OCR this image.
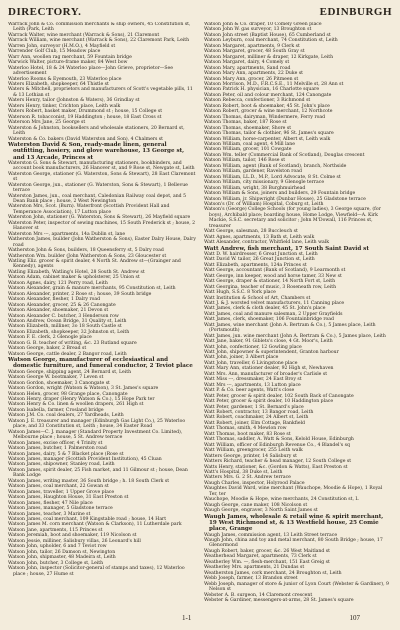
DIRECTORY.	EDINBURGH
Warrack John & Co. commission merchants & ship owners, 45 Constitution st, Leith (Park, Leith
Warrack Walter, wine merchant (Warrack & Sons), 21 Claremont
Warrack William, wine merchant (Warrack & Sons), 22 Claremont Park, Leith
Warren John, surveyor (H.M.O.), 4 Mayfield st
Warrender Golf Club, 15 Meadow place
Warr Ann, woollen rag merchant, 59 Fountain bridge
Warwick Walter, picture-frame maker, 84 West bow
Waterloo Hotel, 18 & 24 Waterloo place—John Grieve, proprietor—See advertisement
Waterloo Rooms & Eyemouth, 23 Waterloo place
Waters Elizabeth, shopkeeper, 64 Thistle st
Waters & Mitchell, proprietors and manufacturers of Scott's vegetable pills, 11 & 13 Lothian st
Waters Henry, tailor (Johnston & Waters), 36 Grindlay st
Waters Henry, tinker, Crichton place, Leith walk
Waters Robert, basket maker, Drummond st ; house, 15 College st
Waterson R. tobacconist, 19 Haddington ; house, 18 East Cross st
Waterson Mrs Jane, 25 George st
Waterston & Johnston, booksellers and wholesale stationers, 20 Bernard st, Leith
Waterston & Co. bakers (David Waterston and Son), 4 Chalmers st
Waterston David & Son, ready-made linen, general outfitting, hosiery, and glove warehouse, 13 George st, and 13 Arcade, Princes st
Waterston G. Sons & Stewart, manufacturing stationers, bookbinders, and account book manufacturers, 26 Hanover st, and 9 Rose st, Newgate st, Leith
Waterston George, stationer (G. Waterston, Sons & Stewart), 28 East Claremont st
Waterston George, jun., stationer (G. Waterston, Sons & Stewart), 1 Bellevue terrace
Waterston James, jun., coal merchant, Caledonian Railway coal depot, and 5 Dean Bank place ; house, 2 West Newington
Waterston Mrs, Scot. (Burn). Waterfront (Scottish Provident Hall and Temperance Association), 17 Lutton place
Waterston John, stationer (G. Waterston, Sons & Stewart), 26 Mayfield square
Waterston Peter, inspector of sewing machines, 15 South Frederick st ; house, 2 Hanover st
Waterston Mrs ---, apartments, 14a Dublin st, lane
Watherston James, builder (John Watherston & Sons), Easter Dalry House, Dalry road
Watherston John & Sons, builders, 18 Queensferry st, 5 Dalry road
Watherston Wm. builder (John Watherston & Sons, 23 Gloucester st
Watling Eliz. grocer & spirit dealer, 4 North St. Andrew st—(Grainger and Kennedy), agents
Watling Elizabeth, Watling's Hotel, 28 South St. Andrew st
Watson Adam, cabinet maker & upholsterer, 25 Union st
Watson Agnes, dairy, 121 Perry road, Leith
Watson Alexander, grain & manure merchants, 95 Constitution st, Leith
Watson Alexander, printer, 2 Rose st ; house, 39 South bridge
Watson Alexander, flesher, 1 Dalry road
Watson Alexander, grocer, 25 & 26 Canongate
Watson Alexander, shoemaker, 21 Devon st
Watson Alexander C. butcher, 3 Henderson row
Watson Andrew, Ocean Bridge, 31 Quality st, Leith
Watson Elizabeth, milliner, 3o 18 South Castle st
Watson Elizabeth, shopkeeper, 32 Johnston st, Leith
Watson F. E. clerk, 2 Glenogle place
Watson G. B. teacher of writing, &c. 23 Rutland square
Watson George, baker, 2 Bread st
Watson George, cattle dealer, 2 Bangor road, Leith
Watson George, manufacturer of ecclesiastical and domestic furniture, and funeral conductor, 2 Teviot place
Watson George, shipping agent, 24 Bernard st, Leith
Watson George W. bootmaker, 7 Leven st
Watson Gordon, shoemaker, 3 Canongate st
Watson Gordon, wright (Watson & Watson), 3 St. James's square
Watson Helen, grocer, 98 Grange place, Canongate
Watson Henry, draper (Henry Watson & Co.), 15 Hope Park ter
Watson Henry & Co. linen & woollen drapers, 261 High st
Watson Isabella, farmer, Crosland bridge
Watson J.M. Co. coal dealers, 27 Yardheads, Leith
Watson J. E. treasurer and manager (Edinburgh Gas Light Co.), 25 Waterloo place, and 33 Constitution st, Leith ; house, 34 Easter Road
Watson James—C. J. manager (Standard Property Investment Co. Limited), Melbourne place ; house, 5 St. Andrew terrace
Watson James, excise officer, 4 Trinity st
Watson James, butcher, 1 Palmerston road
Watson James, dairy, 5 & 7 Blacket place (Rose st
Watson James, manager (Scottish Provident Institution), 45 Cluan
Watson James, shipowner, Stanley road, Leith
Watson James, spirit dealer, 25 Fish market, and 11 Gilmour st ; house, Dean Bank Lodge
Watson James, writing master, 36 South bridge ; h. 18 South Clerk st
Watson James, coal merchant, 22 Gowan st
Watson James, traveller, 1 Upper Grove place
Watson James, Haughton House, 31 East Preston st
Watson James, flesher, 47 Nile place
Watson James, manager, 5 Gladstone terrace
Watson James, teacher, 3 Marine st
Watson James, coal merchant, 109 Kingstable road ; house, 14 Hart
Watson James M. corn merchant (Watson & Clarkson), 11 Lutherdale park
Watson Jane, apartments, 115 Princes st
Watson Jeremiah, boot and shoemaker, 119 Nicolson st
Watson Jessie, milliner, Salisbury villas, 26 Leonard's hill
Watson John, upholder, 6 and 7 Teviot row
Watson John, tailor, 26 Damson st, Newington
Watson John, shipmaster, 48 Madeira st, Leith
Watson John, butcher, 3 College st, Leith
Watson John, inspector (Solicitor-general of stamps and taxes), 12 Waterloo place ; house, 27 Hume st
Watson John & Co. draper, 10 Comely Green place
Watson John W. gas surveyor, 13 Broughton st
Watson John street (Baptist House), 65 Cumberland st
Watson Leyburn, coal merchant, 74 Constitution st, Leith
Watson Margaret, apartments, 9 Clerk st
Watson Margaret, grocer, 48 South Gray st
Watson Margaret, milliner & draper, 12 Kirkgate, Leith
Watson Margaret, dairy, 4 Comely st
Watson Mary, apartments, Sand road
Watson Mary Ann, apartments, 22 Duke st
Watson Mary Ann, grocer, 26 Pitmeen st
Watson Morrison, M.D., F.R.C.S.E., 11 Melville st, 28 Ann st
Watson Patrick H. physician, 16 Charlotte square
Watson Peter, oil and colour merchant, 124 Canongate
Watson Rebecca, confectioner, 3 Richmond st
Watson Robert, boot & shoemaker, 45 St. John's place
Watson Robert, grocer & wine merchant, 12 Northcote
Watson Thomas, dairyman, Windermere, Ferry road
Watson Thomas, baker, 187 Rose st
Watson Thomas, shoemaker, Shore st
Watson Thomas, tailor & clothier, 96 St. James's square
Watson William, horse-carpenter, Albert st, Leith walk
Watson William, coal agent, 4 Mill lane
Watson William, grocer, 101 Cowgate
Watson Wm. teller (Commercial Bank of Scotland), Douglas crescent
Watson William, tailor, 146 Rose st
Watson William, agent (Bank of Scotland), branch, Northside
Watson William, gardener, Ravelston road
Watson William, LL.D., M.P., Lord Advocate, 8 St. Colme st
Watson William, city missionary, 9 Glenogle terrace
Watson William, wright, 38 Burghmuirhead
Watson William & Sons, joiners and builders, 29 Fountain bridge
Watson William, jr. Shipwright (Dunbar House), 25 Gladstone terrace
Watson's (Dr. of William) Hospital, Coburg st, Leith
Watson's (George) College Schools (for young ladies), 3 George square, (for boys), Archibald place; boarding house, Home Lodge, Viewfield—A. Kirk Mackie, S.S.C. secretary and solicitor ; John M'Dowall, 116 Princes st, treasurer
Watt George, salesman, 28 Buccleuch st
Watt Agnes, apartments, 13 Bath st, Leith walk
Watt Alexander, contractor, Whitfield lane, Leith walk
Watt Andrew, fish merchant, 17 South Saint David st
Watt D. W. hairdresser, 6 Great Junction st, Leith
Watt David W. tailor, 26 Great Junction st, Leith
Watt Elizabeth, apartments, 124a Princes st
Watt George, accountant (Bank of Scotland), 9 Learmonth st
Watt George, inn keeper, wood and horse tamer, 33 New st
Watt George, draper & stationer, 14 North Fort st, Leith
Watt Georgina, teacher of music, 3 Roseneath row, Leith
Watt Hugh, S.S.C. 8 York place
Watt Institution & School of Art, Chambers st
Watt J. & J. worsted velvet manufacturers, 11 Canning place
Watt James, clerk & cloth dealer, 45 St. John's place
Watt James, coal and manure salesman, 2 Upper Grayfields
Watt James, clerk, shoemaker, 106 Fountainbridge road
Watt James, wine merchant (John A. Bertram & Co.), 5 James place, Leith (Portsmouth)
Watt James, jun. wine merchant (John A. Bertram & Co.), 5 James place, Leith
Watt Jane, baker, 91 Giblets's close, 4 Gt. Moor's, Leith
Watt John, confectioner, 12 Gowling place
Watt John, shipowner & superintendent, Granton harbour
Watt John, joiner, 3 Albert place
Watt John, traveller, 6 Livingstone place
Watt Mary Ann, stationer dealer, 92 High st, Newhaven
Watt Mrs. Ann, manufacturer of broader's Carlisle st
Watt Miss ---, dressmaker, 24 East Broy st
Watt Mrs ---, apartments, 13 Lutton place
Watt P. & Co. beer agents, Watt's close
Watt Peter, grocer & spirit dealer, 102 South Back of Canongate
Watt Peter, grocer & spirit dealer, 10 Haddington place
Watt Peter, gardener, 1 St. Bernard's place
Watt Robert, contractor, 13 Bangor road, Leith
Watt Robert, coachmaker, 24 Albert st, Leith
Watt Robert, joiner, Elm Cottage, Bankfield
Watt Thomas, smith, 4 Mewlon row
Watt Thomas, boot maker, 83 Rose st
Watt Thomas, saddler, A. Watt & Sons, Kelold House, Edinburgh
Watt William, officer of Edinburgh Revenue Co., 4 Blandel's sq
Watt William, greengrocer, 255 Leith walk
Watters George, printer, 14 Salisbury st
Watters Richard, teacher & head manager, 12 South College st
Watts Henry, stationer, &c. (Gordon & Watts), East Preston st
Watt's Hospital, 38 Duke st, Leith
Watters Mrs. G. 2 St. Andrew terrace
Waugh Charles, inspector, Holyrood Palace
Waughtes David Ward, wine merchant (Wauchope, Moodie & Hope), 1 Royal Ter, ter
Wauchope, Moodie & Hope, wine merchants, 24 Constitution st, L
Waugh George, cane maker, 108 Nicolson st
Waugh George, engraver, 3 North Saint James st
Waugh James, wholesale & retail wine & spirit merchant, 19 West Richmond st, & 13 Westfield house, 25 Comie place, Grange
Waugh James, commission agent, 13 Leith Street terrace
Waugh John, china and toy and metal merchant, 80 South Bridge ; house, 17 Glenormond
Waugh Robert, baker, grocer, &c. 26 West Maitland st
Weatherhead Margaret, apartments, 73 Clerk st
Weatherley Wm. —, flesh-merchant, 151 East Greig st
Weatherley Mrs. apartments, 21 Dundas st
Weatherston James, cork merchant, 24 Broughton st, Leith
Webb Joseph, farmer, 13 Brandon street
Webb Joseph, manager of store & junior of Lyon Court (Webster & Gardiner), 9 Nelson st
Webster A. B. surgeon, 14 Claremont crescent
Webster & Gardiner, messengers-at-arms, 28 St. James's square
1-1	107
